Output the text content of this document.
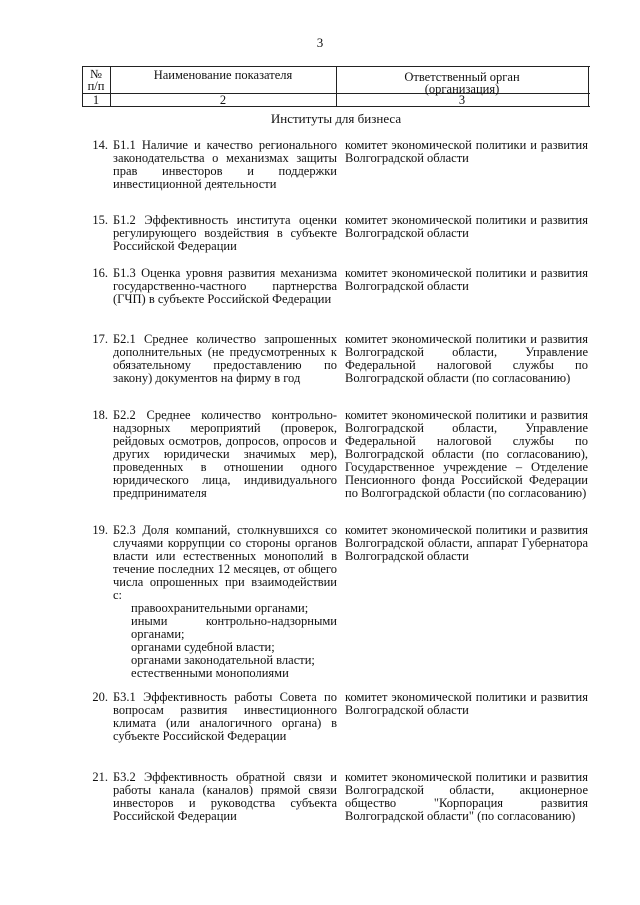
3
№ п/п
Наименование показателя	Ответственный орган (организация)
1	2	3
Институты для бизнеса
14. Б1.1 Наличие и качество регионального законодательства о механизмах защиты прав инвесторов и поддержки инвестиционной деятельности
комитет экономической политики и развития Волгоградской области
15. Б1.2 Эффективность института оценки регулирующего воздействия в субъекте Российской Федерации
комитет экономической политики и развития Волгоградской области
16. Б1.3 Оценка уровня развития механизма государственно-частного партнерства (ГЧП) в субъекте Российской Федерации
комитет экономической политики и развития Волгоградской области
17. Б2.1 Среднее количество запрошенных дополнительных (не предусмотренных к обязательному предоставлению по закону) документов на фирму в год
комитет экономической политики и развития Волгоградской области, Управление Федеральной налоговой службы по Волгоградской области (по согласованию)
18. Б2.2 Среднее количество контрольно-надзорных мероприятий (проверок, рейдовых осмотров, допросов, опросов и других юридически значимых мер), проведенных в отношении одного юридического лица, индивидуального предпринимателя
комитет экономической политики и развития Волгоградской области, Управление Федеральной налоговой службы по Волгоградской области (по согласованию), Государственное учреждение – Отделение Пенсионного фонда Российской Федерации по Волгоградской области (по согласованию)
19. Б2.3 Доля компаний, столкнувшихся со случаями коррупции со стороны органов власти или естественных монополий в течение последних 12 месяцев, от общего числа опрошенных при взаимодействии с:
правоохранительными органами;
иными контрольно-надзорными органами;
органами судебной власти;
органами законодательной власти;
естественными монополиями
комитет экономической политики и развития Волгоградской области, аппарат Губернатора Волгоградской области
20. Б3.1 Эффективность работы Совета по вопросам развития инвестиционного климата (или аналогичного органа) в субъекте Российской Федерации
комитет экономической политики и развития Волгоградской области
21. Б3.2 Эффективность обратной связи и работы канала (каналов) прямой связи инвесторов и руководства субъекта Российской Федерации
комитет экономической политики и развития Волгоградской области, акционерное общество "Корпорация развития Волгоградской области" (по согласованию)
